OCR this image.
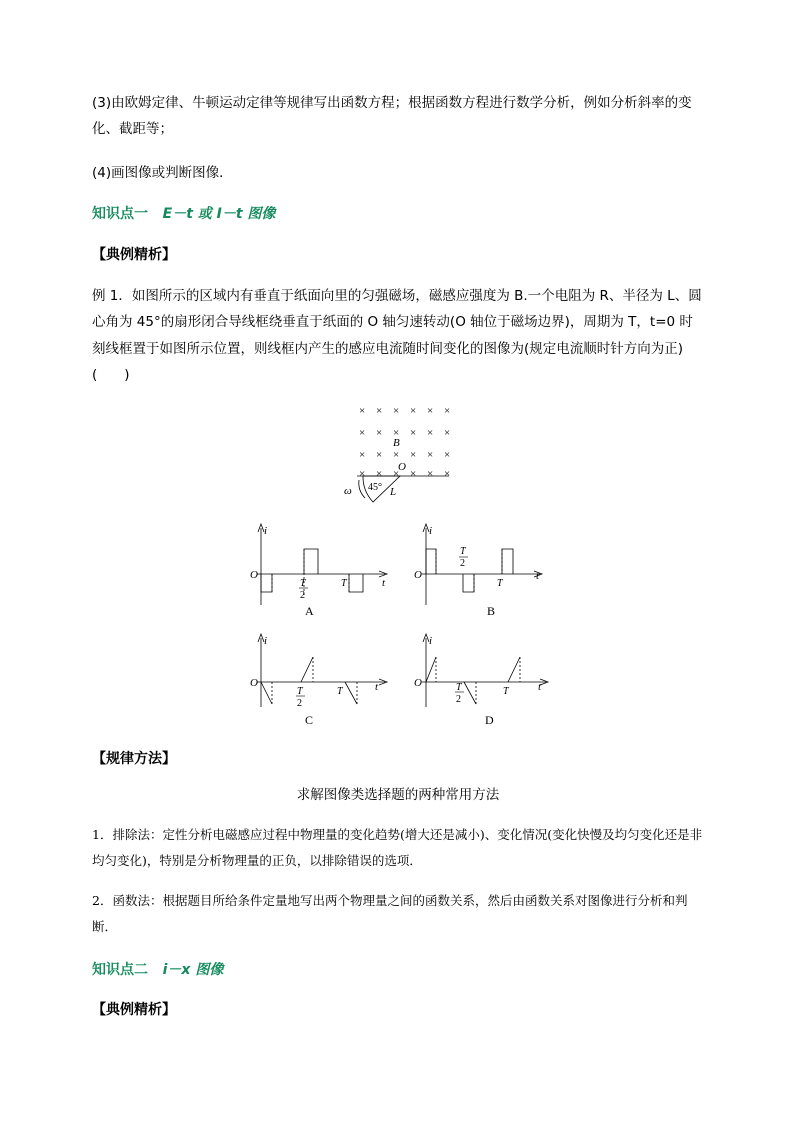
(3)由欧姆定律、牛顿运动定律等规律写出函数方程；根据函数方程进行数学分析，例如分析斜率的变化、截距等；

(4)画图像或判断图像．

知识点一 E－t 或 I－t 图像

【典例精析】

例 1．如图所示的区域内有垂直于纸面向里的匀强磁场，磁感应强度为 B.一个电阻为 R、半径为 L、圆心角为 45°的扇形闭合导线框绕垂直于纸面的 O 轴匀速转动(O 轴位于磁场边界)，周期为 T，t=0 时刻线框置于如图所示位置，则线框内产生的感应电流随时间变化的图像为(规定电流顺时针方向为正)(　　)

× × × × × ×
× × × × × ×
× × × × × ×
× × × × × ×
B
O
45° L
ω
i
t
O
T
2
T
A
i
t
O
T
2
T
B
i
t
O
T
2
T
C
i
t
O	T
2
T
D

【规律方法】

求解图像类选择题的两种常用方法

1．排除法：定性分析电磁感应过程中物理量的变化趋势(增大还是减小)、变化情况(变化快慢及均匀变化还是非均匀变化)，特别是分析物理量的正负，以排除错误的选项．

2．函数法：根据题目所给条件定量地写出两个物理量之间的函数关系，然后由函数关系对图像进行分析和判断．

知识点二 i－x 图像

【典例精析】
